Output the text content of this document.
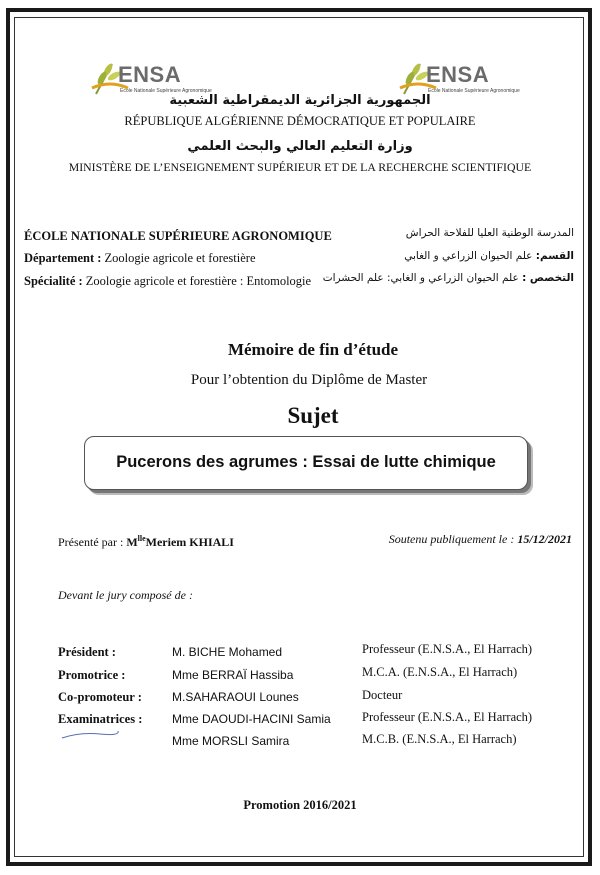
ENSA
École Nationale Supérieure Agronomique
ENSA
École Nationale Supérieure Agronomique
الجمهورية الجزائرية الديمقراطية الشعبية
RÉPUBLIQUE ALGÉRIENNE DÉMOCRATIQUE ET POPULAIRE
وزارة التعليم العالي والبحث العلمي
MINISTÈRE DE L’ENSEIGNEMENT SUPÉRIEUR ET DE LA RECHERCHE SCIENTIFIQUE
ÉCOLE NATIONALE SUPÉRIEURE AGRONOMIQUE	المدرسة الوطنية العليا للفلاحة الحراش
Département : Zoologie agricole et forestière	القسم: علم الحيوان الزراعي و الغابي
Spécialité : Zoologie agricole et forestière : Entomologie	التخصص : علم الحيوان الزراعي و الغابي: علم الحشرات
Mémoire de fin d’étude
Pour l’obtention du Diplôme de Master
Sujet
Pucerons des agrumes : Essai de lutte chimique
Présenté par : $M^{lle}Meriem$ KHIALI	Soutenu publiquement le : 15/12/2021
Devant le jury composé de :
Président :	M. BICHE Mohamed	Professeur (E.N.S.A., El Harrach)
Promotrice :	Mme BERRAÏ Hassiba	M.C.A. (E.N.S.A., El Harrach)
Co-promoteur :	M.SAHARAOUI Lounes	Docteur
Examinatrices : Mme DAOUDI-HACINI Samia	Professeur (E.N.S.A., El Harrach)
Mme MORSLI Samira	M.C.B. (E.N.S.A., El Harrach)
Promotion 2016/2021
